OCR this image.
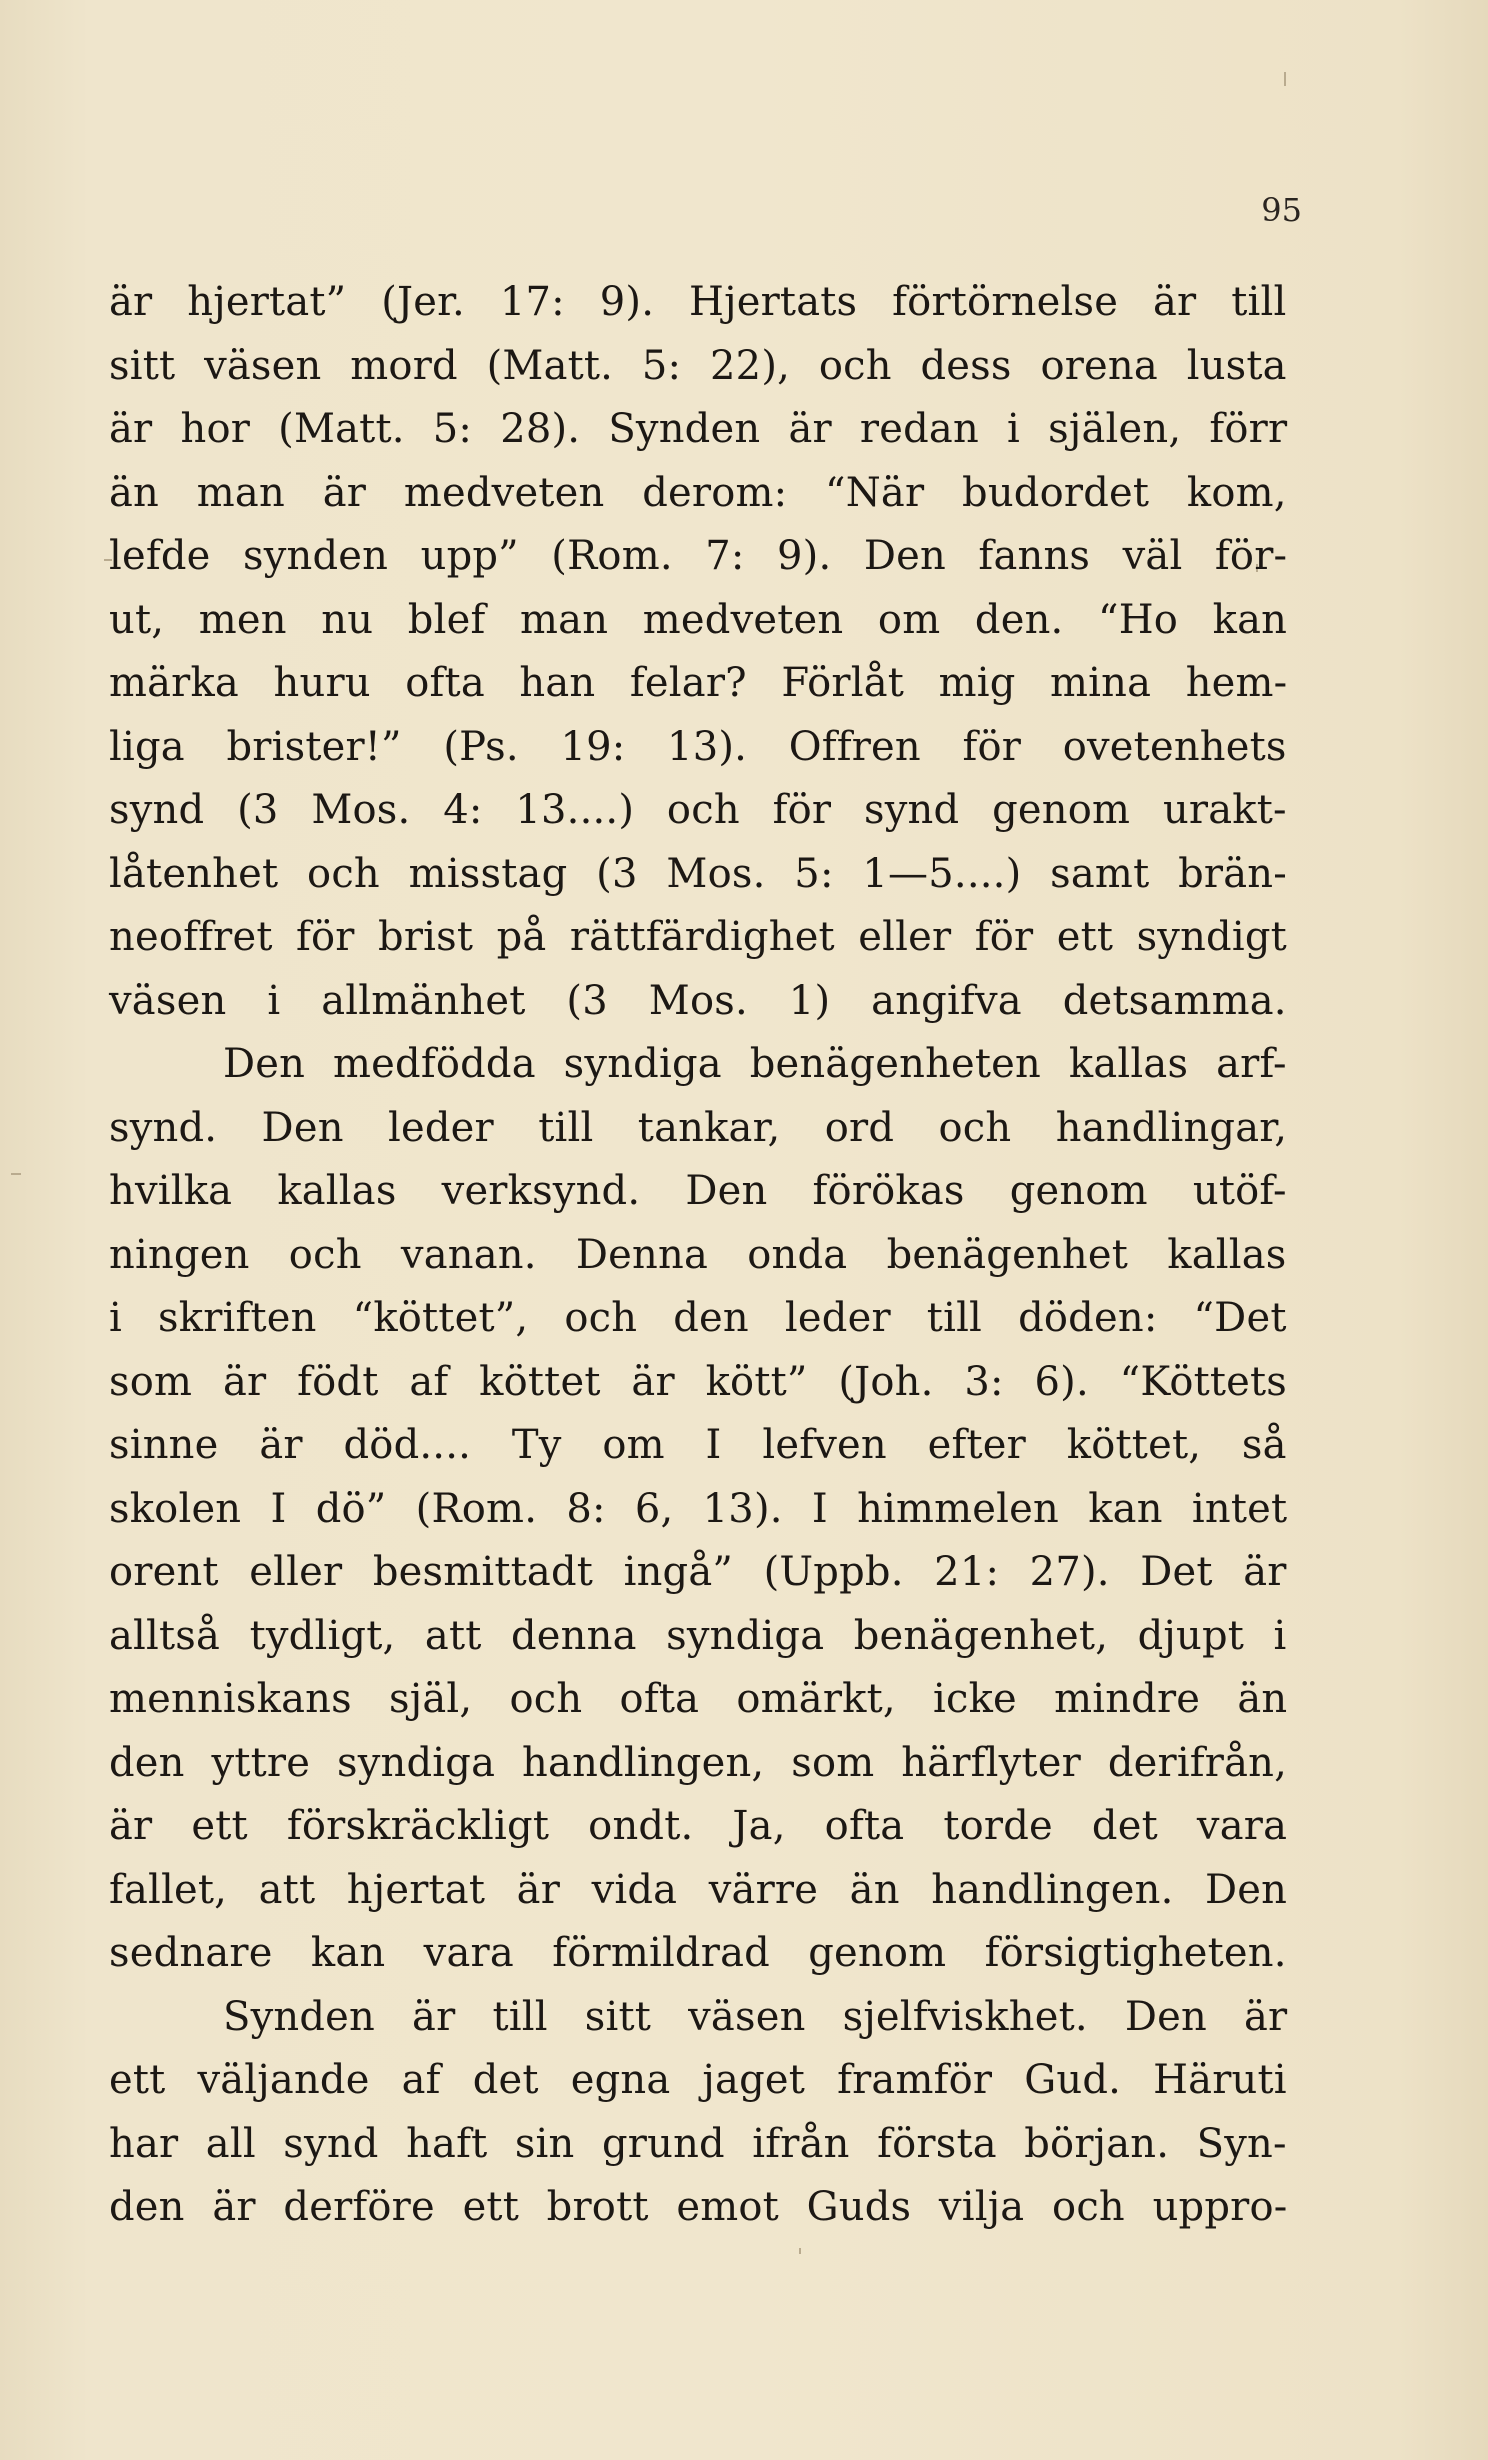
95
är hjertat” (Jer. 17: 9). Hjertats förtörnelse är till
sitt väsen mord (Matt. 5: 22), och dess orena lusta
är hor (Matt. 5: 28). Synden är redan i själen, förr
än man är medveten derom: “När budordet kom,
lefde synden upp” (Rom. 7: 9). Den fanns väl för-
ut, men nu blef man medveten om den. “Ho kan
märka huru ofta han felar? Förlåt mig mina hem-
liga brister!” (Ps. 19: 13). Offren för ovetenhets
synd (3 Mos. 4: 13....) och för synd genom urakt-
låtenhet och misstag (3 Mos. 5: 1—5....) samt brän-
neoffret för brist på rättfärdighet eller för ett syndigt
väsen i allmänhet (3 Mos. 1) angifva detsamma.
Den medfödda syndiga benägenheten kallas arf-
synd. Den leder till tankar, ord och handlingar,
hvilka kallas verksynd. Den förökas genom utöf-
ningen och vanan. Denna onda benägenhet kallas
i skriften “köttet”, och den leder till döden: “Det
som är födt af köttet är kött” (Joh. 3: 6). “Köttets
sinne är död.... Ty om I lefven efter köttet, så
skolen I dö” (Rom. 8: 6, 13). I himmelen kan intet
orent eller besmittadt ingå” (Uppb. 21: 27). Det är
alltså tydligt, att denna syndiga benägenhet, djupt i
menniskans själ, och ofta omärkt, icke mindre än
den yttre syndiga handlingen, som härflyter derifrån,
är ett förskräckligt ondt. Ja, ofta torde det vara
fallet, att hjertat är vida värre än handlingen. Den
sednare kan vara förmildrad genom försigtigheten.
Synden är till sitt väsen sjelfviskhet. Den är
ett väljande af det egna jaget framför Gud. Häruti
har all synd haft sin grund ifrån första början. Syn-
den är derföre ett brott emot Guds vilja och uppro-
